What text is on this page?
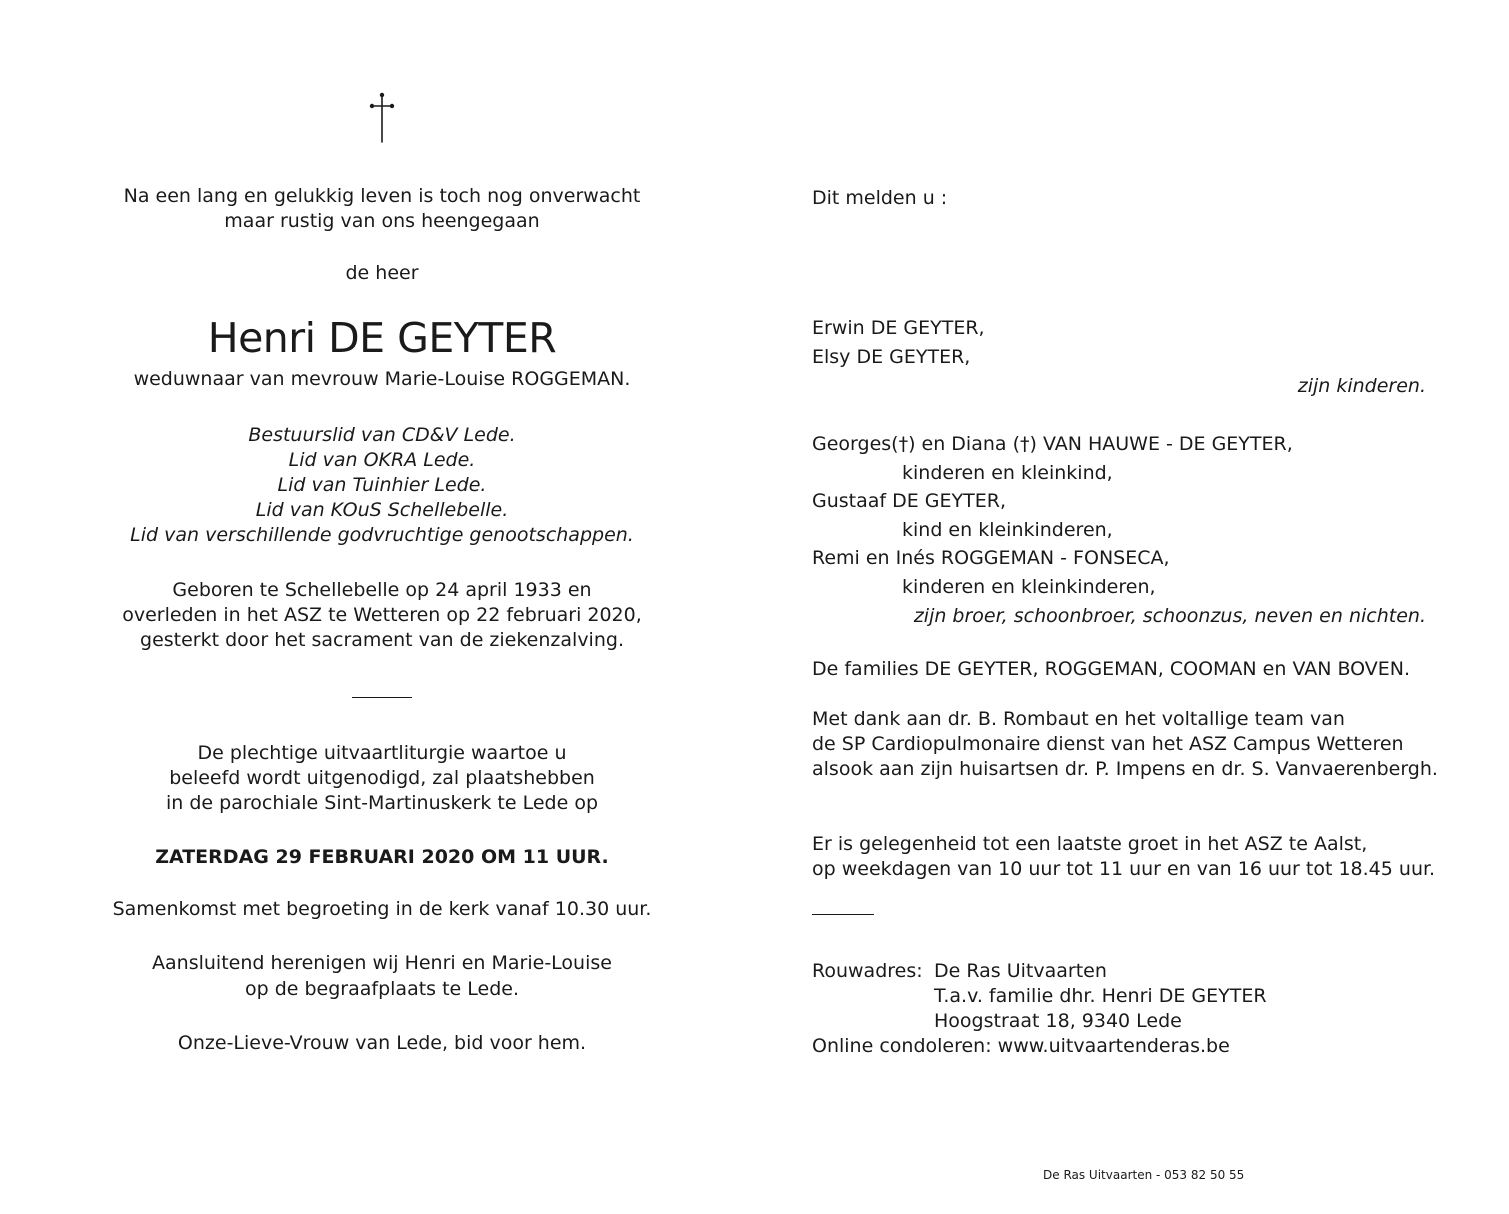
Na een lang en gelukkig leven is toch nog onverwacht
maar rustig van ons heengegaan
de heer
Henri DE GEYTER
weduwnaar van mevrouw Marie-Louise ROGGEMAN.
Bestuurslid van CD&V Lede.
Lid van OKRA Lede.
Lid van Tuinhier Lede.
Lid van KOuS Schellebelle.
Lid van verschillende godvruchtige genootschappen.
Geboren te Schellebelle op 24 april 1933 en
overleden in het ASZ te Wetteren op 22 februari 2020,
gesterkt door het sacrament van de ziekenzalving.
De plechtige uitvaartliturgie waartoe u
beleefd wordt uitgenodigd, zal plaatshebben
in de parochiale Sint-Martinuskerk te Lede op
ZATERDAG 29 FEBRUARI 2020 OM 11 UUR.
Samenkomst met begroeting in de kerk vanaf 10.30 uur.
Aansluitend herenigen wij Henri en Marie-Louise
op de begraafplaats te Lede.
Onze-Lieve-Vrouw van Lede, bid voor hem.
Dit melden u :
Erwin DE GEYTER,
Elsy DE GEYTER,
zijn kinderen.
Georges(†) en Diana (†) VAN HAUWE - DE GEYTER,
kinderen en kleinkind,
Gustaaf DE GEYTER,
kind en kleinkinderen,
Remi en Inés ROGGEMAN - FONSECA,
kinderen en kleinkinderen,
zijn broer, schoonbroer, schoonzus, neven en nichten.
De families DE GEYTER, ROGGEMAN, COOMAN en VAN BOVEN.
Met dank aan dr. B. Rombaut en het voltallige team van
de SP Cardiopulmonaire dienst van het ASZ Campus Wetteren
alsook aan zijn huisartsen dr. P. Impens en dr. S. Vanvaerenbergh.
Er is gelegenheid tot een laatste groet in het ASZ te Aalst,
op weekdagen van 10 uur tot 11 uur en van 16 uur tot 18.45 uur.
Rouwadres: De Ras Uitvaarten
T.a.v. familie dhr. Henri DE GEYTER
Hoogstraat 18, 9340 Lede
Online condoleren: www.uitvaartenderas.be
De Ras Uitvaarten - 053 82 50 55
